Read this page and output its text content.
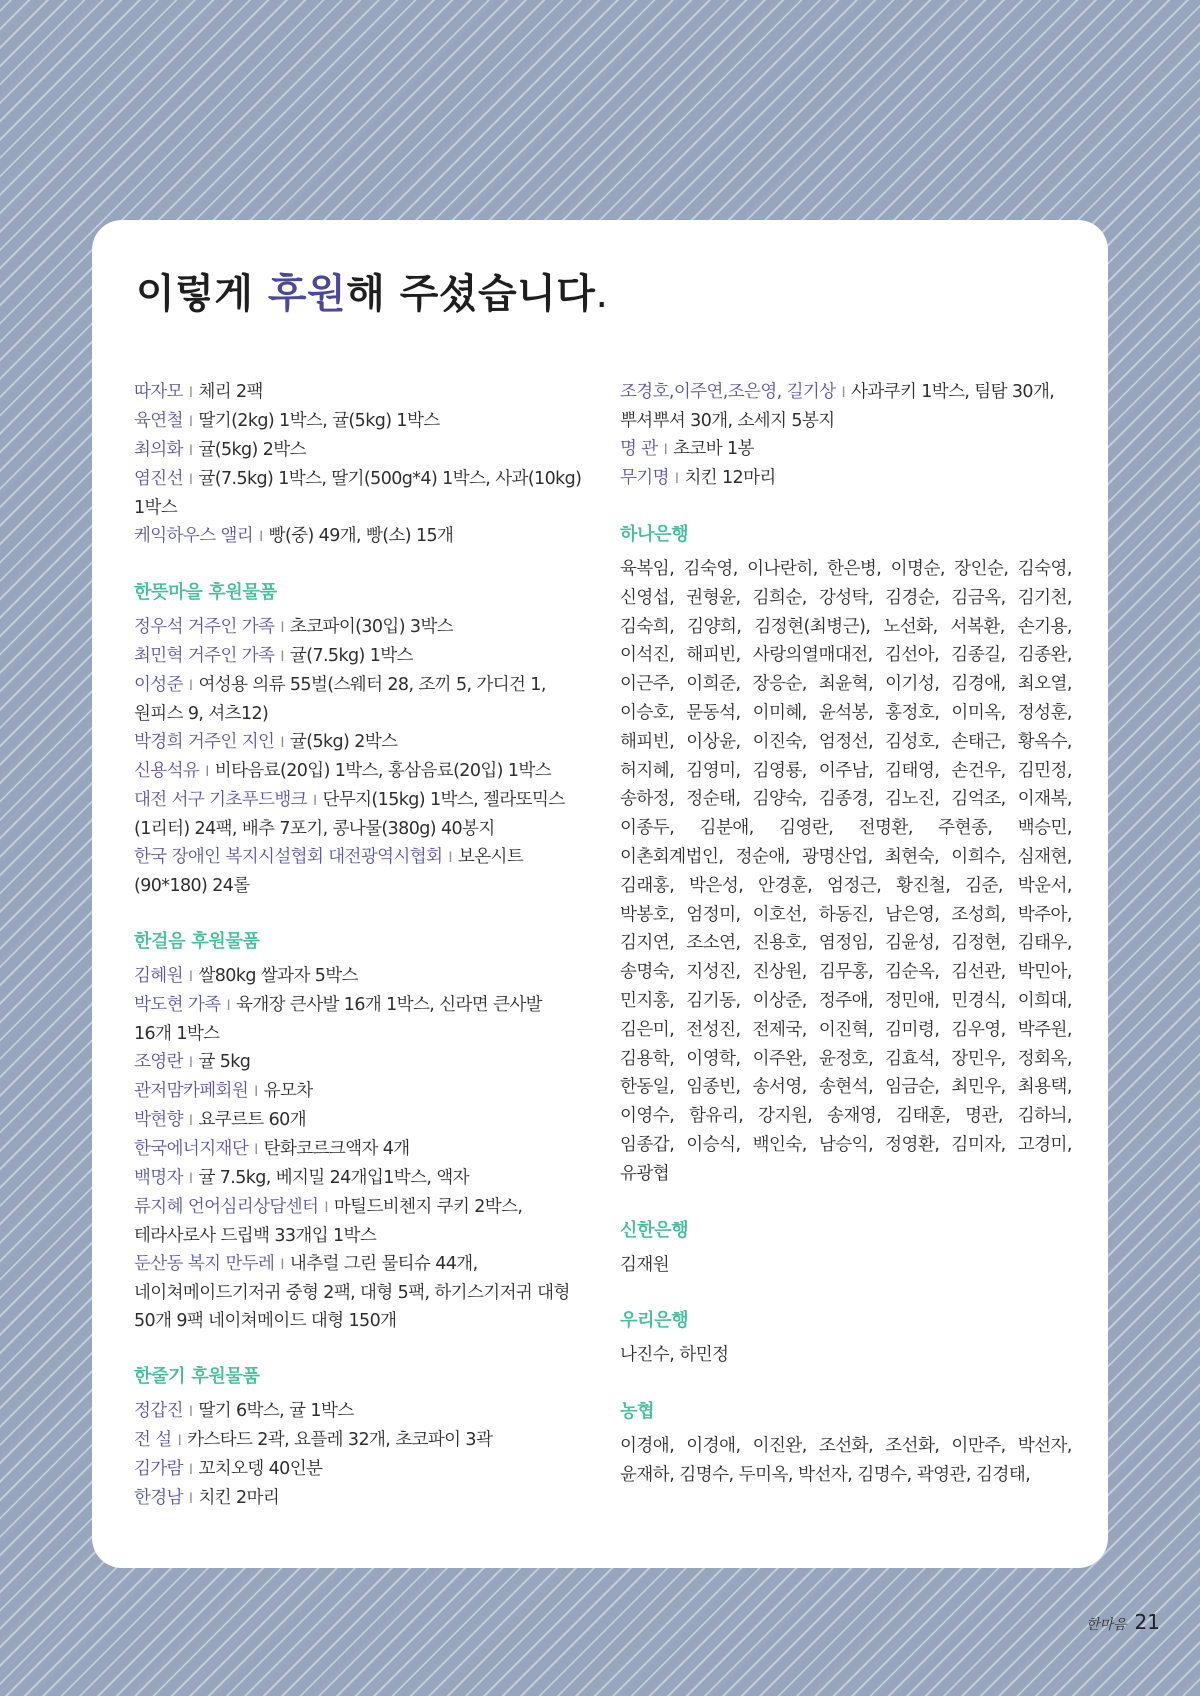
이렇게 후원해 주셨습니다.

따자모 I 체리 2팩

육연철 I 딸기(2kg) 1박스, 귤(5kg) 1박스

최의화 I 귤(5kg) 2박스

염진선 I 귤(7.5kg) 1박스, 딸기(500g*4) 1박스, 사과(10kg) 1박스

케익하우스 앨리 I 빵(중) 49개, 빵(소) 15개

한뜻마을 후원물품

정우석 거주인 가족 I 초코파이(30입) 3박스

최민혁 거주인 가족 I 귤(7.5kg) 1박스

이성준 I 여성용 의류 55벌(스웨터 28, 조끼 5, 가디건 1, 원피스 9, 셔츠12)

박경희 거주인 지인 I 귤(5kg) 2박스

신용석유 I 비타음료(20입) 1박스, 홍삼음료(20입) 1박스

대전 서구 기초푸드뱅크 I 단무지(15kg) 1박스, 젤라또믹스(1리터) 24팩, 배추 7포기, 콩나물(380g) 40봉지

한국 장애인 복지시설협회 대전광역시협회 I 보온시트(90*180) 24롤

한걸음 후원물품

김혜원 I 쌀80kg 쌀과자 5박스

박도현 가족 I 육개장 큰사발 16개 1박스, 신라면 큰사발 16개 1박스

조영란 I 귤 5kg

관저맘카페회원 I 유모차

박현향 I 요쿠르트 60개

한국에너지재단 I 탄화코르크액자 4개

백명자 I 귤 7.5kg, 베지밀 24개입1박스, 액자

류지혜 언어심리상담센터 I 마틸드비첸지 쿠키 2박스, 테라사로사 드립백 33개입 1박스

둔산동 복지 만두레 I 내추럴 그린 물티슈 44개, 네이쳐메이드기저귀 중형 2팩, 대형 5팩, 하기스기저귀 대형 50개 9팩 네이쳐메이드 대형 150개

한줄기 후원물품

정갑진 I 딸기 6박스, 귤 1박스

전 설 I 카스타드 2곽, 요플레 32개, 초코파이 3곽

김가람 I 꼬치오뎅 40인분

한경남 I 치킨 2마리

조경호,이주연,조은영, 길기상 I 사과쿠키 1박스, 팀탐 30개, 뿌셔뿌셔 30개, 소세지 5봉지

명 관 I 초코바 1봉

무기명 I 치킨 12마리

하나은행

육복임, 김숙영, 이나란히, 한은병, 이명순, 장인순, 김숙영, 신영섭, 권형윤, 김희순, 강성탁, 김경순, 김금옥, 김기천, 김숙희, 김양희, 김정현(최병근), 노선화, 서복환, 손기용, 이석진, 해피빈, 사랑의열매대전, 김선아, 김종길, 김종완, 이근주, 이희준, 장응순, 최윤혁, 이기성, 김경애, 최오열, 이승호, 문동석, 이미혜, 윤석봉, 홍정호, 이미옥, 정성훈, 해피빈, 이상윤, 이진숙, 엄정선, 김성호, 손태근, 황옥수, 허지혜, 김영미, 김영룡, 이주남, 김태영, 손건우, 김민정, 송하정, 정순태, 김양숙, 김종경, 김노진, 김억조, 이재복, 이종두, 김분애, 김영란, 전명환, 주현종, 백승민, 이촌회계법인, 정순애, 광명산업, 최현숙, 이희수, 심재현, 김래홍, 박은성, 안경훈, 엄정근, 황진철, 김준, 박운서, 박봉호, 엄정미, 이호선, 하동진, 남은영, 조성희, 박주아, 김지연, 조소연, 진용호, 염정임, 김윤성, 김정현, 김태우, 송명숙, 지성진, 진상원, 김무홍, 김순옥, 김선관, 박민아, 민지홍, 김기동, 이상준, 정주애, 정민애, 민경식, 이희대, 김은미, 전성진, 전제국, 이진혁, 김미령, 김우영, 박주원, 김용학, 이영학, 이주완, 윤정호, 김효석, 장민우, 정회옥, 한동일, 임종빈, 송서영, 송현석, 임금순, 최민우, 최용택, 이영수, 함유리, 강지원, 송재영, 김태훈, 명관, 김하늬, 임종갑, 이승식, 백인숙, 남승익, 정영환, 김미자, 고경미, 유광협

신한은행

김재원

우리은행

나진수, 하민정

농협

이경애, 이경애, 이진완, 조선화, 조선화, 이만주, 박선자, 윤재하, 김명수, 두미옥, 박선자, 김명수, 곽영관, 김경태,

한마음 21
